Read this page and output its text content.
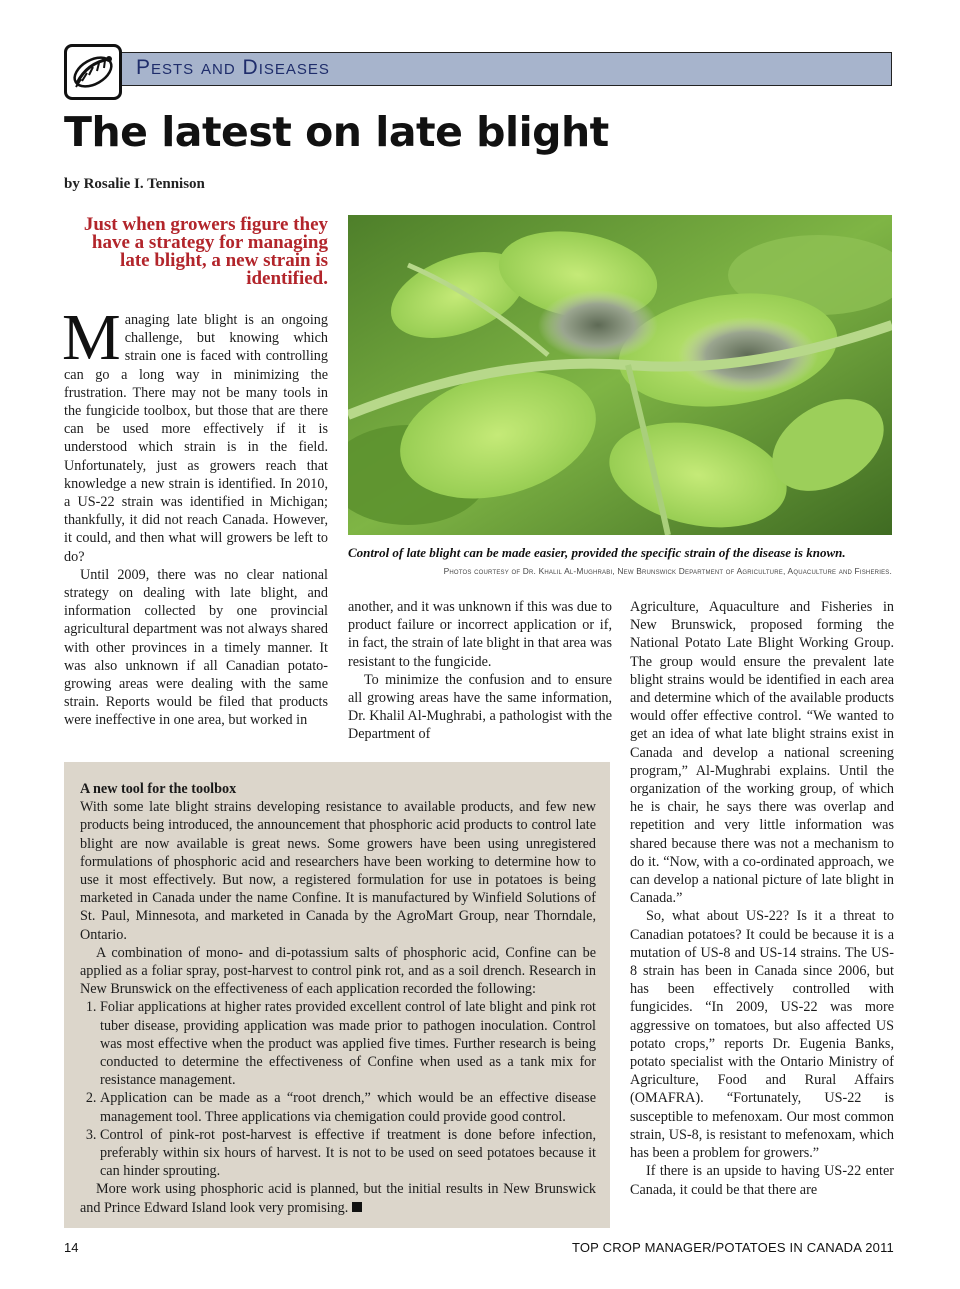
Pests and Diseases
The latest on late blight
by Rosalie I. Tennison
Just when growers figure they have a strategy for managing late blight, a new strain is identified.

Managing late blight is an ongoing challenge, but knowing which strain one is faced with controlling can go a long way in minimizing the frustration. There may not be many tools in the fungicide toolbox, but those that are there can be used more effectively if it is understood which strain is in the field. Unfortunately, just as growers reach that knowledge a new strain is identified. In 2010, a US-22 strain was identified in Michigan; thankfully, it did not reach Canada. However, it could, and then what will growers be left to do?

Until 2009, there was no clear national strategy on dealing with late blight, and information collected by one provincial agricultural department was not always shared with other provinces in a timely manner. It was also unknown if all Canadian potato-growing areas were dealing with the same strain. Reports would be filed that products were ineffective in one area, but worked in

Control of late blight can be made easier, provided the specific strain of the disease is known.
Photos courtesy of Dr. Khalil Al-Mughrabi, New Brunswick Department of Agriculture, Aquaculture and Fisheries.

another, and it was unknown if this was due to product failure or incorrect application or if, in fact, the strain of late blight in that area was resistant to the fungicide.

To minimize the confusion and to ensure all growing areas have the same information, Dr. Khalil Al-Mughrabi, a pathologist with the Department of

Agriculture, Aquaculture and Fisheries in New Brunswick, proposed forming the National Potato Late Blight Working Group. The group would ensure the prevalent late blight strains would be identified in each area and determine which of the available products would offer effective control. “We wanted to get an idea of what late blight strains exist in Canada and develop a national screening program,” Al-Mughrabi explains. Until the organization of the working group, of which he is chair, he says there was overlap and repetition and very little information was shared because there was not a mechanism to do it. “Now, with a co-ordinated approach, we can develop a national picture of late blight in Canada.”

So, what about US-22? Is it a threat to Canadian potatoes? It could be because it is a mutation of US-8 and US-14 strains. The US-8 strain has been in Canada since 2006, but has been effectively controlled with fungicides. “In 2009, US-22 was more aggressive on tomatoes, but also affected US potato crops,” reports Dr. Eugenia Banks, potato specialist with the Ontario Ministry of Agriculture, Food and Rural Affairs (OMAFRA). “Fortunately, US-22 is susceptible to mefenoxam. Our most common strain, US-8, is resistant to mefenoxam, which has been a problem for growers.”

If there is an upside to having US-22 enter Canada, it could be that there are

A new tool for the toolbox

With some late blight strains developing resistance to available products, and few new products being introduced, the announcement that phosphoric acid products to control late blight are now available is great news. Some growers have been using unregistered formulations of phosphoric acid and researchers have been working to determine how to use it most effectively. But now, a registered formulation for use in potatoes is being marketed in Canada under the name Confine. It is manufactured by Winfield Solutions of St. Paul, Minnesota, and marketed in Canada by the AgroMart Group, near Thorndale, Ontario.

A combination of mono- and di-potassium salts of phosphoric acid, Confine can be applied as a foliar spray, post-harvest to control pink rot, and as a soil drench. Research in New Brunswick on the effectiveness of each application recorded the following:

1. Foliar applications at higher rates provided excellent control of late blight and pink rot tuber disease, providing application was made prior to pathogen inoculation. Control was most effective when the product was applied five times. Further research is being conducted to determine the effectiveness of Confine when used as a tank mix for resistance management.
2. Application can be made as a “root drench,” which would be an effective disease management tool. Three applications via chemigation could provide good control.
3. Control of pink-rot post-harvest is effective if treatment is done before infection, preferably within six hours of harvest. It is not to be used on seed potatoes because it can hinder sprouting.

More work using phosphoric acid is planned, but the initial results in New Brunswick and Prince Edward Island look very promising.

14	TOP CROP MANAGER/POTATOES IN CANADA 2011
